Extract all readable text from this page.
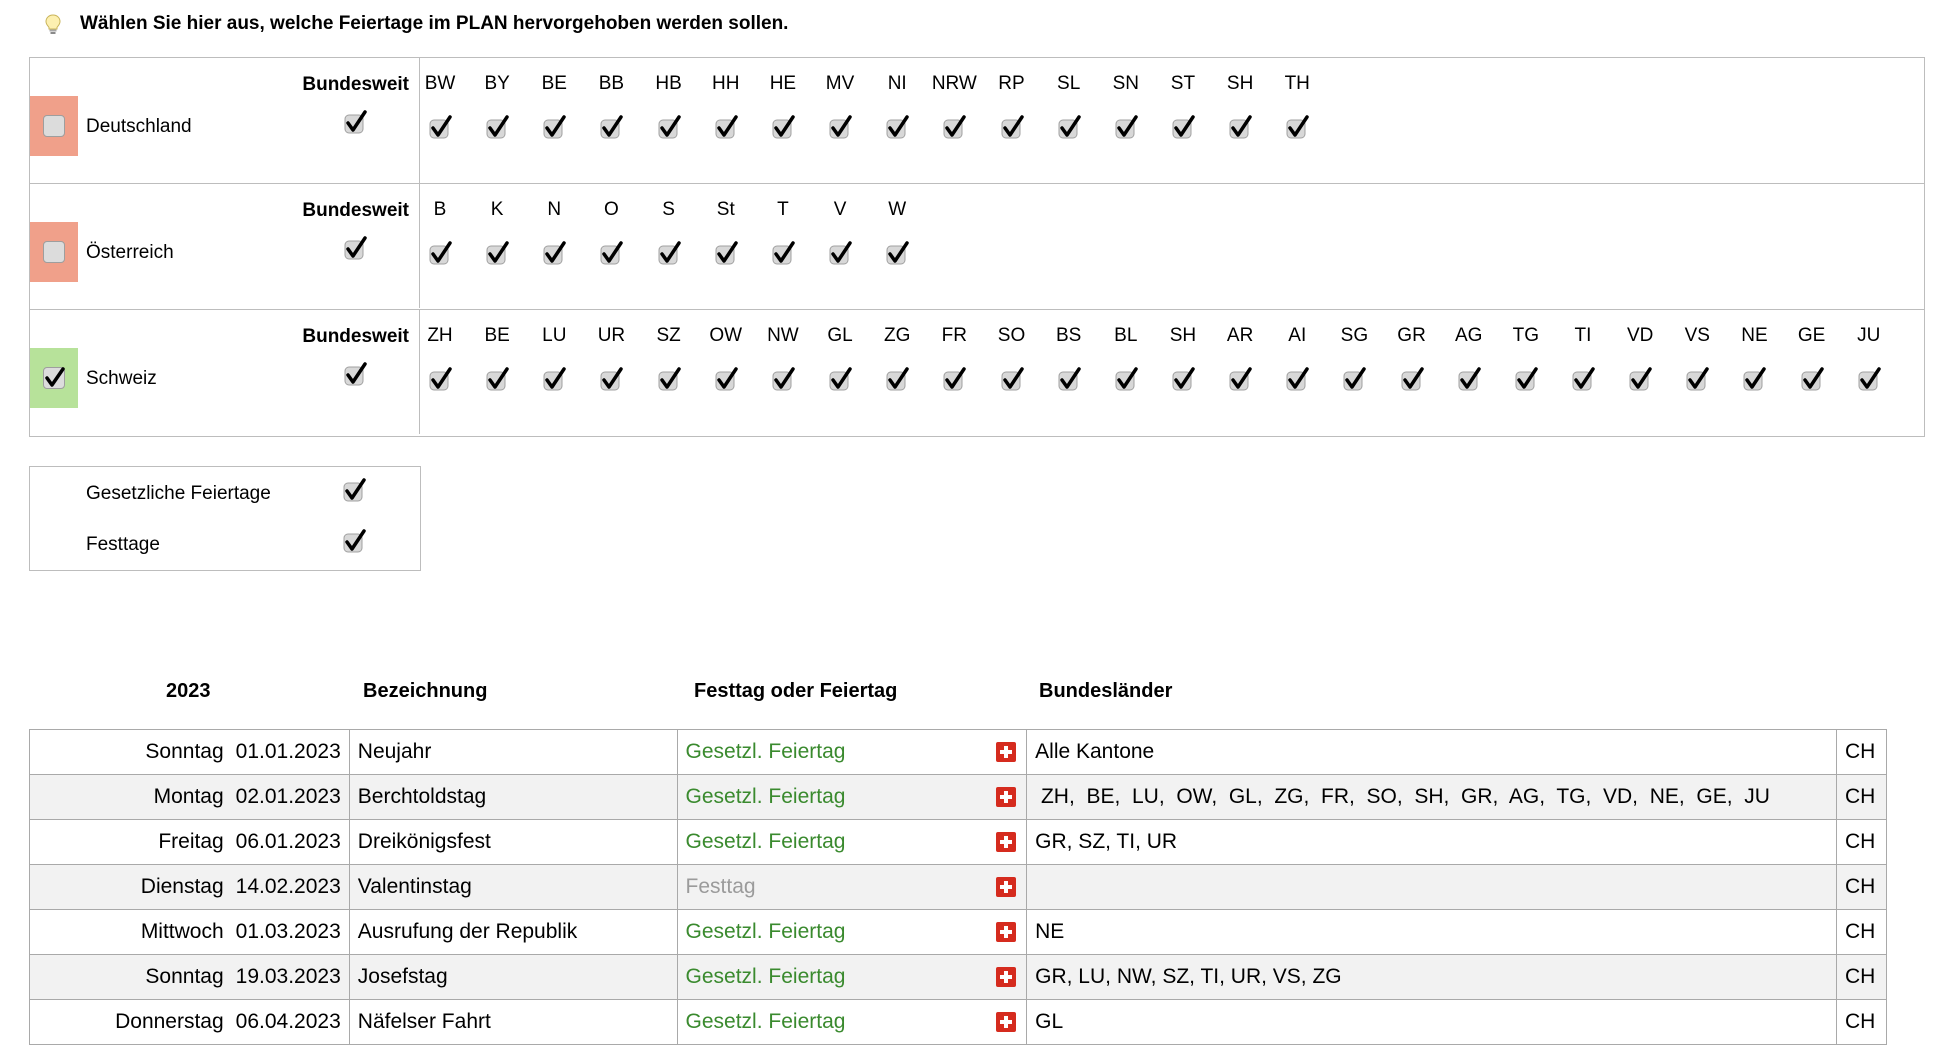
Wählen Sie hier aus, welche Feiertage im PLAN hervorgehoben werden sollen.
Deutschland
Bundesweit BW	BY	BE	BB	HB	HH	HE	MV	NI	NRW	RP	SL	SN	ST	SH	TH
Österreich
Bundesweit	B	K	N	O	S	St	T	V	W
Schweiz
Bundesweit ZH	BE	LU	UR	SZ	OW	NW	GL	ZG	FR	SO	BS	BL	SH	AR	AI	SG	GR	AG	TG	TI	VD	VS	NE	GE	JU
Gesetzliche Feiertage
Festtage
2023	Bezeichnung	Festtag oder Feiertag	Bundesländer
Sonntag 01.01.2023	Neujahr	Gesetzl. Feiertag		Alle Kantone	CH
Montag 02.01.2023	Berchtoldstag	Gesetzl. Feiertag		ZH,  BE,  LU,  OW,  GL,  ZG,  FR,  SO,  SH,  GR,  AG,  TG,  VD,  NE,  GE,  JU	CH
Freitag 06.01.2023	Dreikönigsfest	Gesetzl. Feiertag		GR, SZ, TI, UR	CH
Dienstag 14.02.2023	Valentinstag	Festtag			CH
Mittwoch 01.03.2023	Ausrufung der Republik	Gesetzl. Feiertag		NE	CH
Sonntag 19.03.2023	Josefstag	Gesetzl. Feiertag		GR, LU, NW, SZ, TI, UR, VS, ZG	CH
Donnerstag 06.04.2023	Näfelser Fahrt	Gesetzl. Feiertag		GL	CH
